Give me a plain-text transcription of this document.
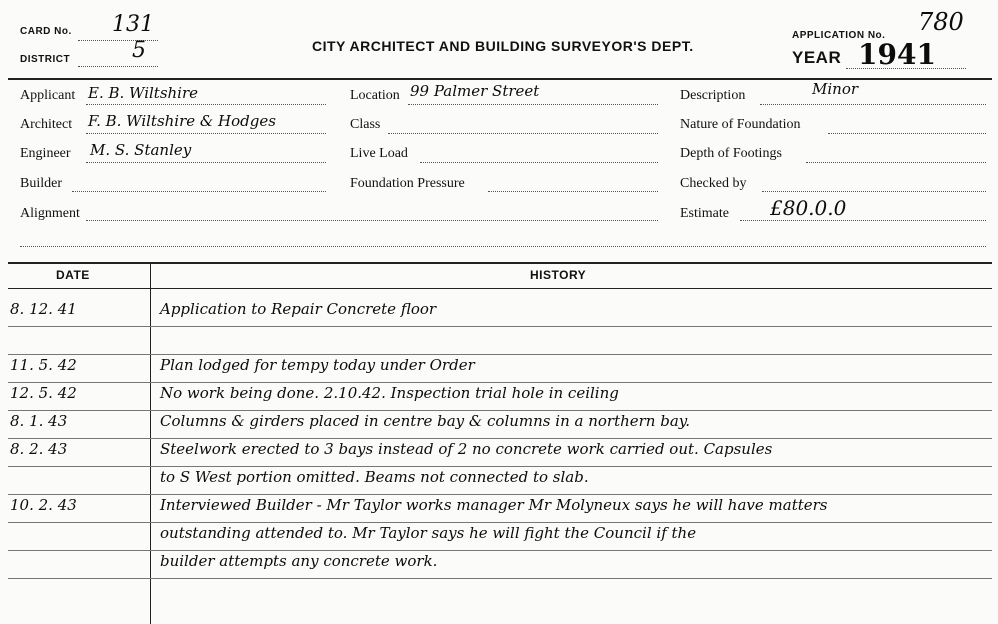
CARD No. 131
DISTRICT	5	CITY ARCHITECT AND BUILDING SURVEYOR'S DEPT.
APPLICATION No. 780
YEAR 1941
Applicant E. B. Wiltshire
Architect F. B. Wiltshire & Hodges
Engineer M. S. Stanley
Builder
Alignment
Location 99 Palmer Street
Class
Live Load
Foundation Pressure
Description	Minor
Nature of Foundation
Depth of Footings
Checked by
Estimate £80.0.0
DATE	HISTORY
8. 12. 41	Application to Repair Concrete floor
11. 5. 42	Plan lodged for tempy today under Order
12. 5. 42	No work being done. 2.10.42. Inspection trial hole in ceiling
8. 1. 43	Columns & girders placed in centre bay & columns in a northern bay.
8. 2. 43	Steelwork erected to 3 bays instead of 2 no concrete work carried out. Capsules
to S West portion omitted. Beams not connected to slab.
10. 2. 43	Interviewed Builder - Mr Taylor works manager Mr Molyneux says he will have matters
outstanding attended to. Mr Taylor says he will fight the Council if the
builder attempts any concrete work.
